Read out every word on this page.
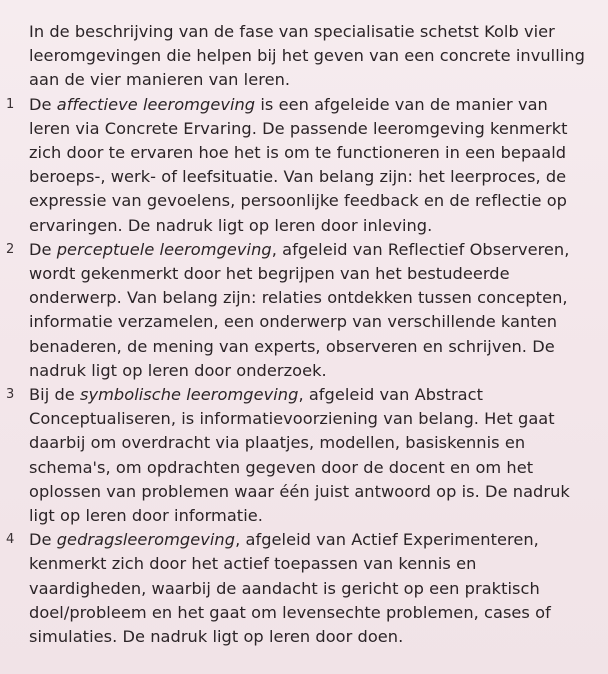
In de beschrijving van de fase van specialisatie schetst Kolb vier leeromgevingen die helpen bij het geven van een concrete invulling aan de vier manieren van leren.

1 De affectieve leeromgeving is een afgeleide van de manier van leren via Concrete Ervaring. De passende leeromgeving kenmerkt zich door te ervaren hoe het is om te functioneren in een bepaald beroeps-, werk- of leefsituatie. Van belang zijn: het leerproces, de expressie van gevoelens, persoonlijke feedback en de reflectie op ervaringen. De nadruk ligt op leren door inleving.

2 De perceptuele leeromgeving, afgeleid van Reflectief Observeren, wordt gekenmerkt door het begrijpen van het bestudeerde onderwerp. Van belang zijn: relaties ontdekken tussen concepten, informatie verzamelen, een onderwerp van verschillende kanten benaderen, de mening van experts, observeren en schrijven. De nadruk ligt op leren door onderzoek.

3 Bij de symbolische leeromgeving, afgeleid van Abstract Conceptualiseren, is informatievoorziening van belang. Het gaat daarbij om overdracht via plaatjes, modellen, basiskennis en schema's, om opdrachten gegeven door de docent en om het oplossen van problemen waar één juist antwoord op is. De nadruk ligt op leren door informatie.

4 De gedragsleeromgeving, afgeleid van Actief Experimenteren, kenmerkt zich door het actief toepassen van kennis en vaardigheden, waarbij de aandacht is gericht op een praktisch doel/probleem en het gaat om levensechte problemen, cases of simulaties. De nadruk ligt op leren door doen.
